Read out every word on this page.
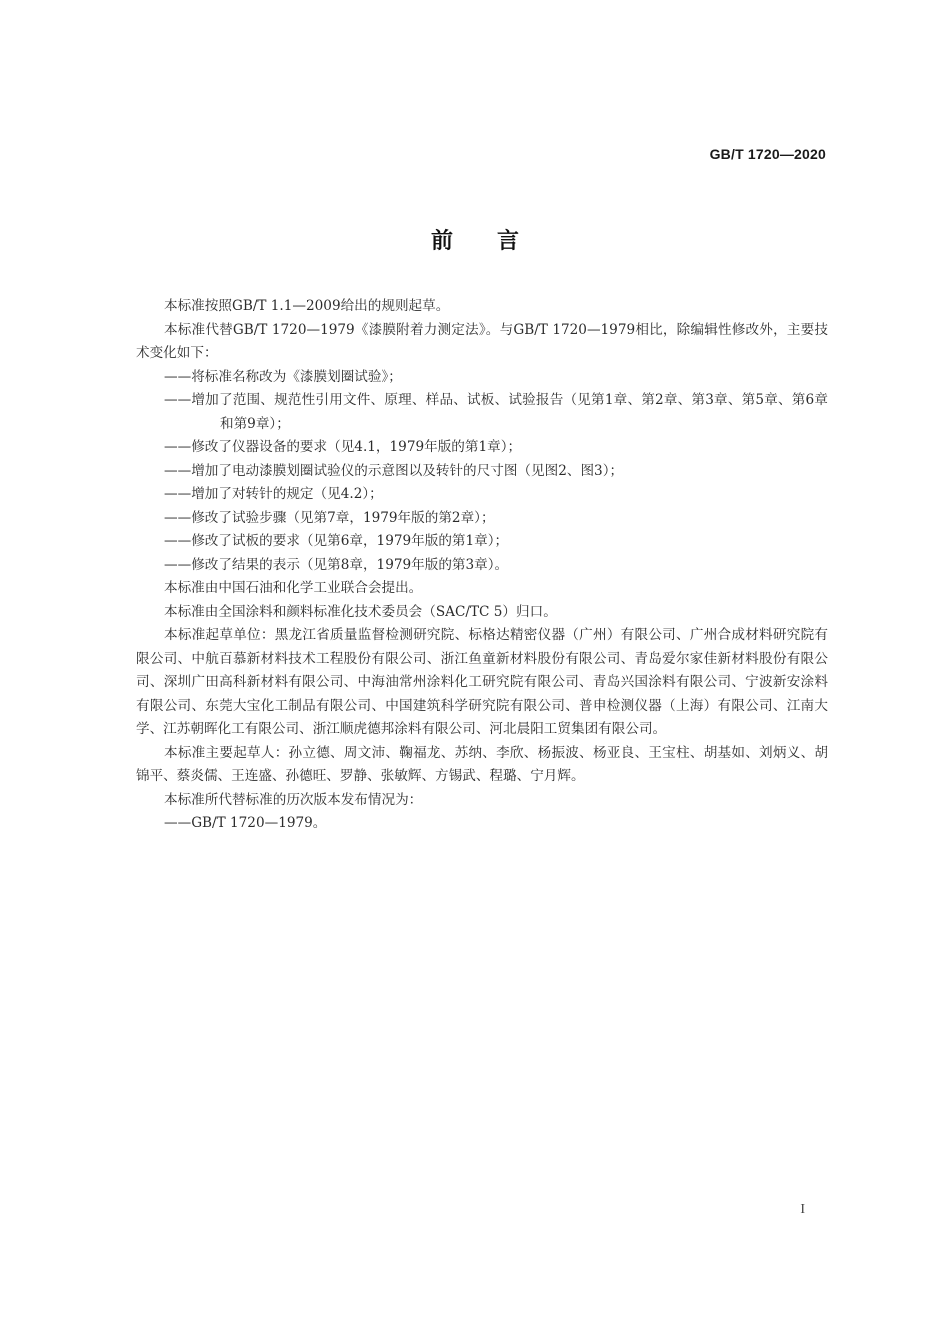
GB/T 1720—2020
前言

本标准按照GB/T 1.1—2009给出的规则起草。

本标准代替GB/T 1720—1979《漆膜附着力测定法》。与GB/T 1720—1979相比，除编辑性修改外，主要技术变化如下：

——将标准名称改为《漆膜划圈试验》；

——增加了范围、规范性引用文件、原理、样品、试板、试验报告（见第1章、第2章、第3章、第5章、第6章和第9章）；

——修改了仪器设备的要求（见4.1，1979年版的第1章）；

——增加了电动漆膜划圈试验仪的示意图以及转针的尺寸图（见图2、图3）；

——增加了对转针的规定（见4.2）；

——修改了试验步骤（见第7章，1979年版的第2章）；

——修改了试板的要求（见第6章，1979年版的第1章）；

——修改了结果的表示（见第8章，1979年版的第3章）。

本标准由中国石油和化学工业联合会提出。

本标准由全国涂料和颜料标准化技术委员会（SAC/TC 5）归口。

本标准起草单位：黑龙江省质量监督检测研究院、标格达精密仪器（广州）有限公司、广州合成材料研究院有限公司、中航百慕新材料技术工程股份有限公司、浙江鱼童新材料股份有限公司、青岛爱尔家佳新材料股份有限公司、深圳广田高科新材料有限公司、中海油常州涂料化工研究院有限公司、青岛兴国涂料有限公司、宁波新安涂料有限公司、东莞大宝化工制品有限公司、中国建筑科学研究院有限公司、普申检测仪器（上海）有限公司、江南大学、江苏朝晖化工有限公司、浙江顺虎德邦涂料有限公司、河北晨阳工贸集团有限公司。

本标准主要起草人：孙立德、周文沛、鞠福龙、苏纳、李欣、杨振波、杨亚良、王宝柱、胡基如、刘炳义、胡锦平、蔡炎儒、王连盛、孙德旺、罗静、张敏辉、方锡武、程璐、宁月辉。

本标准所代替标准的历次版本发布情况为：

——GB/T 1720—1979。

I
